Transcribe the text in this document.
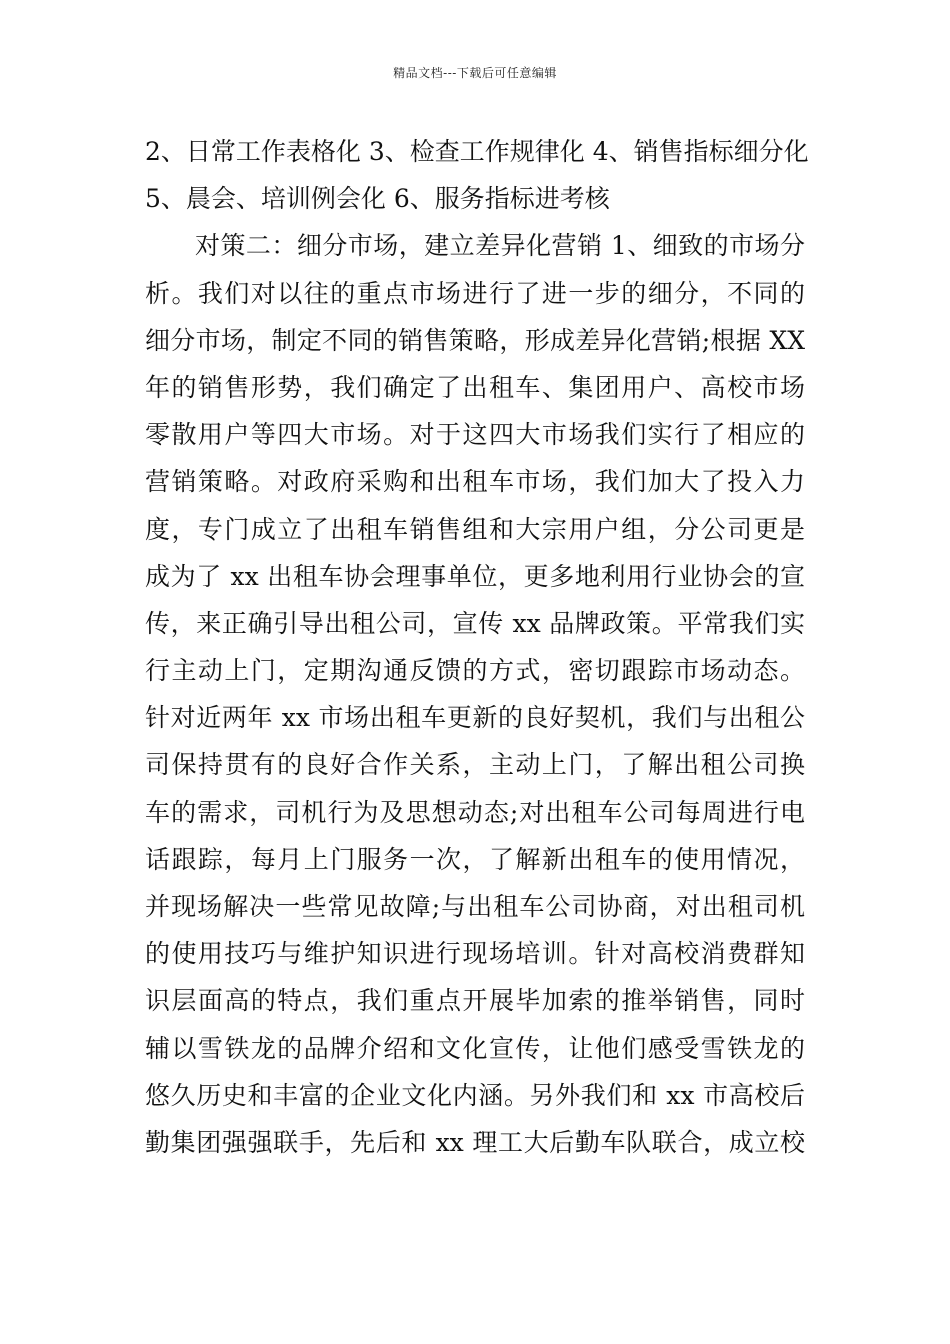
精品文档---下载后可任意编辑
2、日常工作表格化 3、检查工作规律化 4、销售指标细分化
5、晨会、培训例会化 6、服务指标进考核
对策二：细分市场，建立差异化营销 1、细致的市场分
析。我们对以往的重点市场进行了进一步的细分，不同的
细分市场，制定不同的销售策略，形成差异化营销;根据 XX
年的销售形势，我们确定了出租车、集团用户、高校市场
零散用户等四大市场。对于这四大市场我们实行了相应的
营销策略。对政府采购和出租车市场，我们加大了投入力
度，专门成立了出租车销售组和大宗用户组，分公司更是
成为了 xx 出租车协会理事单位，更多地利用行业协会的宣
传，来正确引导出租公司，宣传 xx 品牌政策。平常我们实
行主动上门，定期沟通反馈的方式，密切跟踪市场动态。
针对近两年 xx 市场出租车更新的良好契机，我们与出租公
司保持贯有的良好合作关系，主动上门，了解出租公司换
车的需求，司机行为及思想动态;对出租车公司每周进行电
话跟踪，每月上门服务一次，了解新出租车的使用情况，
并现场解决一些常见故障;与出租车公司协商，对出租司机
的使用技巧与维护知识进行现场培训。针对高校消费群知
识层面高的特点，我们重点开展毕加索的推举销售，同时
辅以雪铁龙的品牌介绍和文化宣传，让他们感受雪铁龙的
悠久历史和丰富的企业文化内涵。另外我们和 xx 市高校后
勤集团强强联手，先后和 xx 理工大后勤车队联合，成立校
